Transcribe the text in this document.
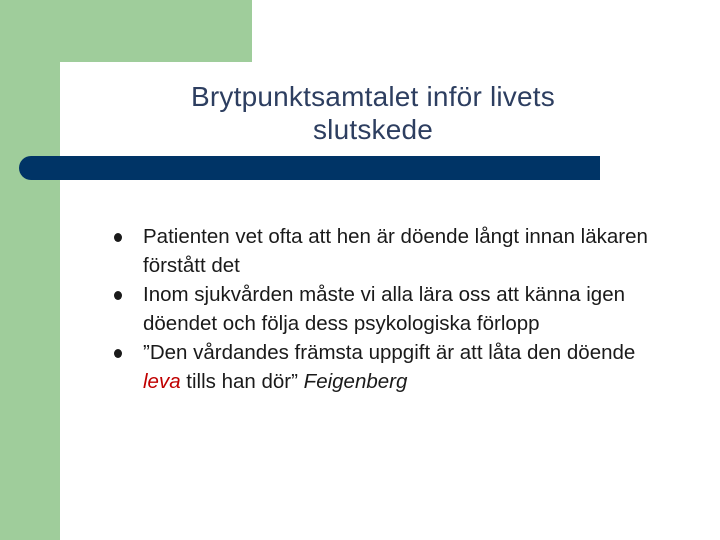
Brytpunktsamtalet inför livets
slutskede
Patienten vet ofta att hen är döende långt innan läkaren förstått det
Inom sjukvården måste vi alla lära oss att känna igen döendet och följa dess psykologiska förlopp
”Den vårdandes främsta uppgift är att låta den döende leva tills han dör” Feigenberg
